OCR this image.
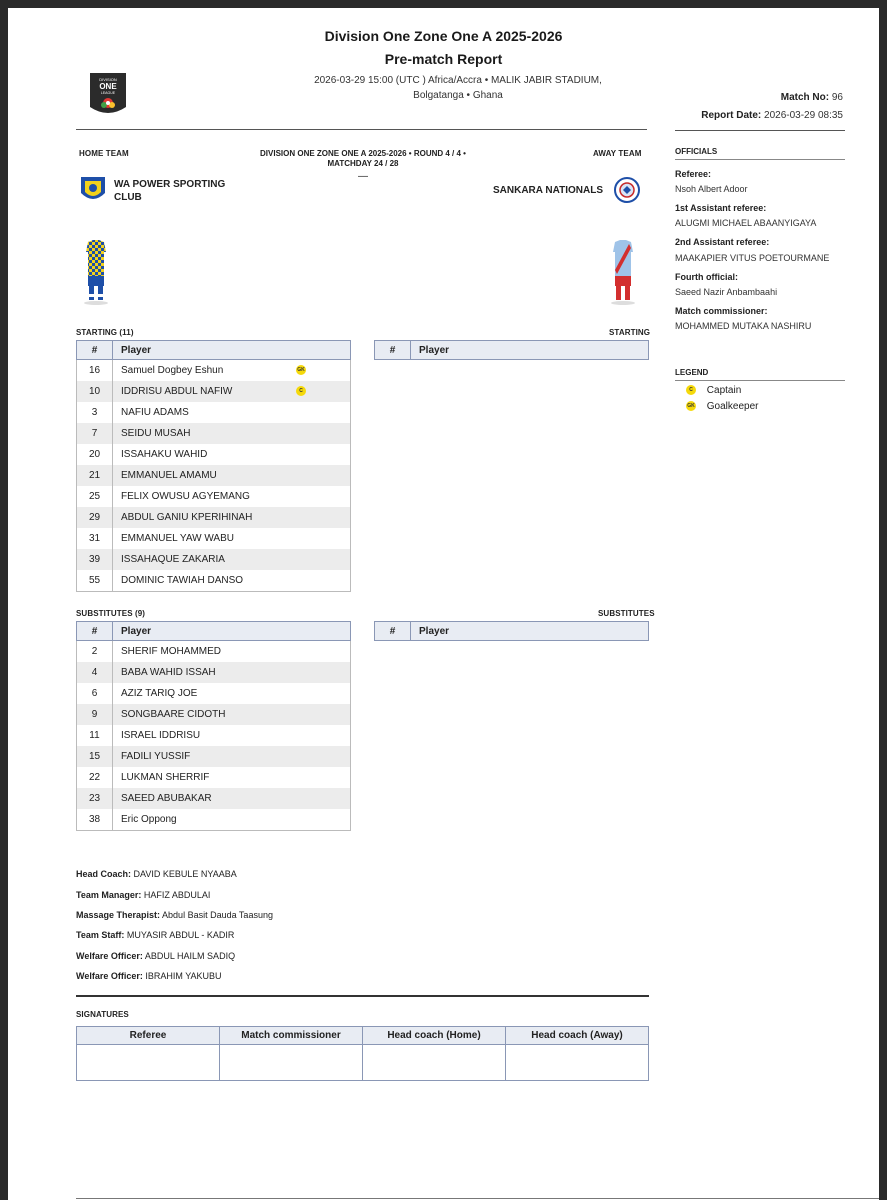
DIVISION
ONE
LEAGUE
Division One Zone One A 2025-2026
Pre-match Report
2026-03-29 15:00 (UTC ) Africa/Accra • MALIK JABIR STADIUM,
Bolgatanga • Ghana	Match No: 96
Report Date: 2026-03-29 08:35
HOME TEAM	AWAY TEAM
DIVISION ONE ZONE ONE A 2025-2026 • ROUND 4 / 4 •
MATCHDAY 24 / 28
—
WA POWER SPORTING
CLUB
SANKARA NATIONALS
OFFICIALS
Referee:
Nsoh Albert Adoor
1st Assistant referee:
ALUGMI MICHAEL ABAANYIGAYA
2nd Assistant referee:
MAAKAPIER VITUS POETOURMANE
Fourth official:
Saeed Nazir Anbambaahi
Match commissioner:
MOHAMMED MUTAKA NASHIRU
LEGEND
C Captain
GK Goalkeeper
STARTING (11)	STARTING
#	Player
16	Samuel Dogbey Eshun GK

10	IDDRISU ABDUL NAFIW C

3	NAFIU ADAMS
7	SEIDU MUSAH
20	ISSAHAKU WAHID
21	EMMANUEL AMAMU
25	FELIX OWUSU AGYEMANG
29	ABDUL GANIU KPERIHINAH
31	EMMANUEL YAW WABU
39	ISSAHAQUE ZAKARIA
55	DOMINIC TAWIAH DANSO
#	Player
SUBSTITUTES (9)	SUBSTITUTES
#	Player
2	SHERIF MOHAMMED
4	BABA WAHID ISSAH
6	AZIZ TARIQ JOE
9	SONGBAARE CIDOTH
11	ISRAEL IDDRISU
15	FADILI YUSSIF
22	LUKMAN SHERRIF
23	SAEED ABUBAKAR
38	Eric Oppong
#	Player
Head Coach: DAVID KEBULE NYAABA
Team Manager: HAFIZ ABDULAI
Massage Therapist: Abdul Basit Dauda Taasung
Team Staff: MUYASIR ABDUL - KADIR
Welfare Officer: ABDUL HAILM SADIQ
Welfare Officer: IBRAHIM YAKUBU
SIGNATURES
Referee	Match commissioner	Head coach (Home)	Head coach (Away)
